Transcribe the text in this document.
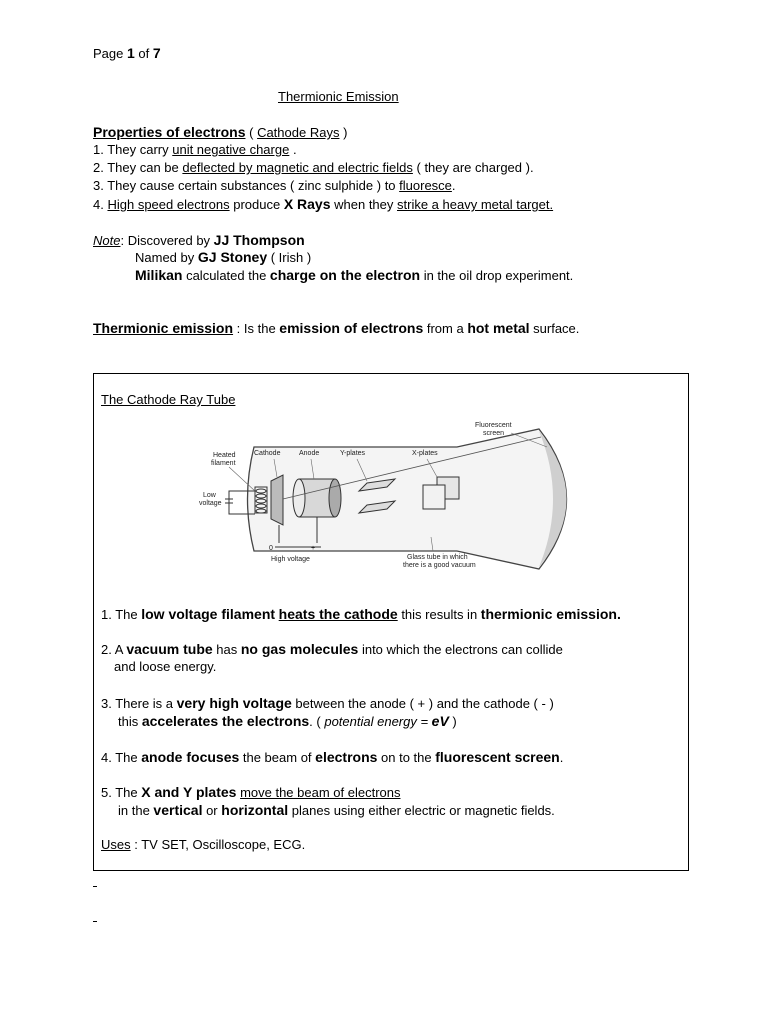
Page 1 of 7
Thermionic Emission
Properties of electrons ( Cathode Rays )
1. They carry unit negative charge .
2. They can be deflected by magnetic and electric fields ( they are charged ).
3. They cause certain substances ( zinc sulphide ) to fluoresce.
4. High speed electrons produce X Rays when they strike a heavy metal target.
Note: Discovered by JJ Thompson
Named by GJ Stoney ( Irish )
Milikan calculated the charge on the electron in the oil drop experiment.
Thermionic emission : Is the emission of electrons from a hot metal surface.
The Cathode Ray Tube
Heated
filament
Cathode	Anode	Y-plates	X-plates
Fluorescent
screen
Low
voltage
0	+
High voltage	Glass tube in which
there is a good vacuum
1. The low voltage filament heats the cathode this results in thermionic emission.
2. A vacuum tube has no gas molecules into which the electrons can collide
and loose energy.
3. There is a very high voltage between the anode ( + ) and the cathode ( - )
this accelerates the electrons. ( potential energy = eV )
4. The anode focuses the beam of electrons on to the fluorescent screen.
5. The X and Y plates move the beam of electrons
in the vertical or horizontal planes using either electric or magnetic fields.
Uses : TV SET, Oscilloscope, ECG.
